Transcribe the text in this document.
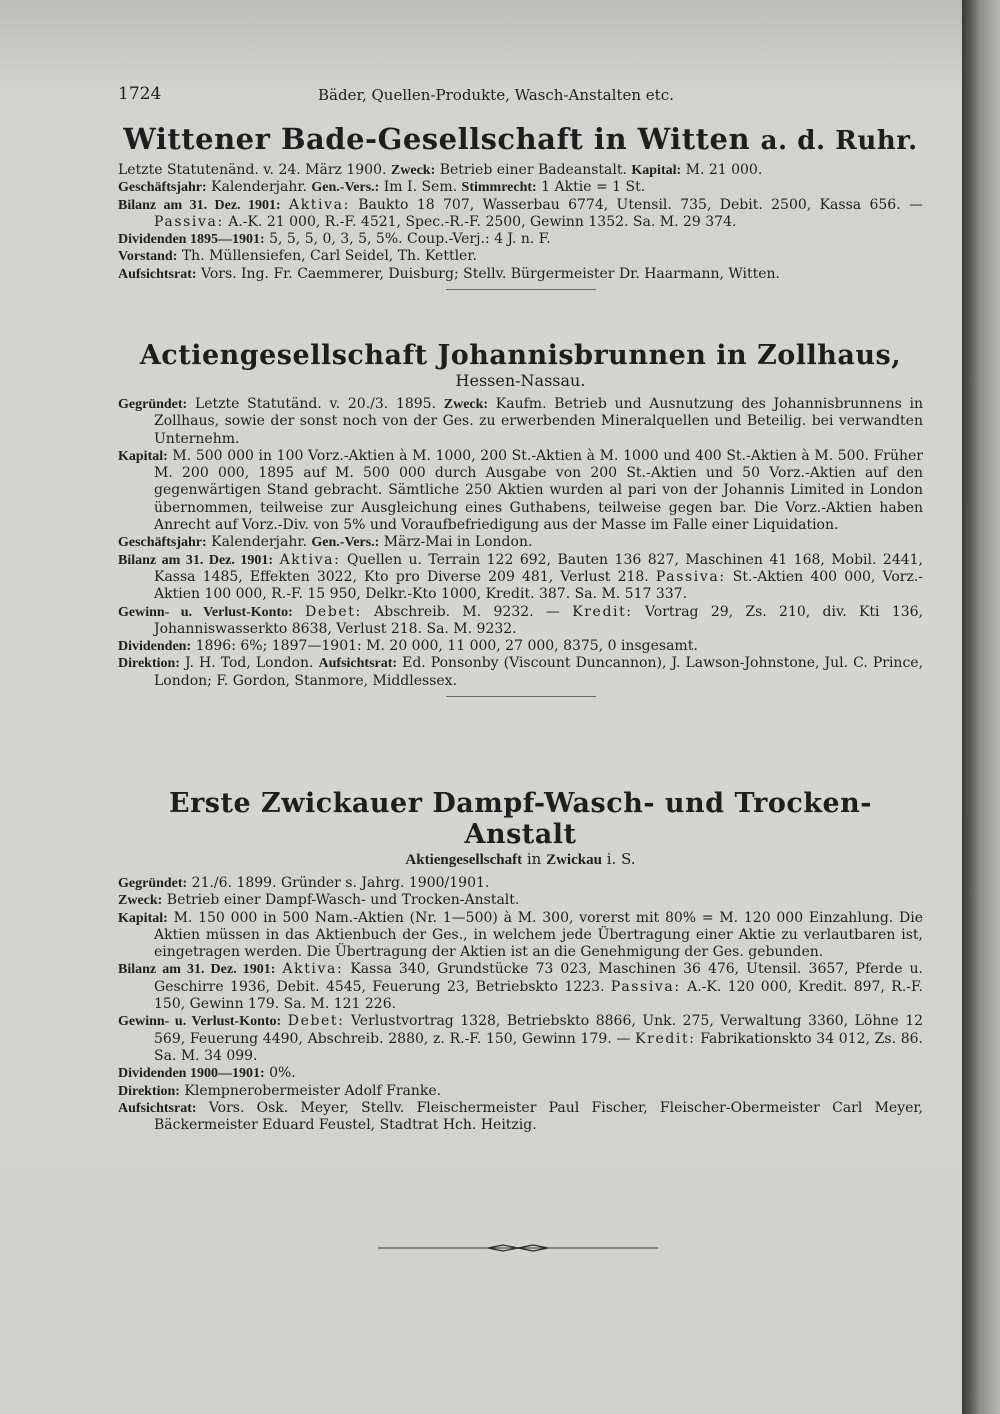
1724	Bäder, Quellen-Produkte, Wasch-Anstalten etc.
Wittener Bade-Gesellschaft in Witten a. d. Ruhr.

Letzte Statutenänd. v. 24. März 1900. Zweck: Betrieb einer Badeanstalt. Kapital: M. 21 000.

Geschäftsjahr: Kalenderjahr. Gen.-Vers.: Im I. Sem. Stimmrecht: 1 Aktie = 1 St.

Bilanz am 31. Dez. 1901: Aktiva: Baukto 18 707, Wasserbau 6774, Utensil. 735, Debit. 2500, Kassa 656. — Passiva: A.-K. 21 000, R.-F. 4521, Spec.-R.-F. 2500, Gewinn 1352. Sa. M. 29 374.

Dividenden 1895—1901: 5, 5, 5, 0, 3, 5, 5%. Coup.-Verj.: 4 J. n. F.

Vorstand: Th. Müllensiefen, Carl Seidel, Th. Kettler.

Aufsichtsrat: Vors. Ing. Fr. Caemmerer, Duisburg; Stellv. Bürgermeister Dr. Haarmann, Witten.

Actiengesellschaft Johannisbrunnen in Zollhaus,

Hessen-Nassau.

Gegründet: Letzte Statutänd. v. 20./3. 1895. Zweck: Kaufm. Betrieb und Ausnutzung des Johannisbrunnens in Zollhaus, sowie der sonst noch von der Ges. zu erwerbenden Mineralquellen und Beteilig. bei verwandten Unternehm.

Kapital: M. 500 000 in 100 Vorz.-Aktien à M. 1000, 200 St.-Aktien à M. 1000 und 400 St.-Aktien à M. 500. Früher M. 200 000, 1895 auf M. 500 000 durch Ausgabe von 200 St.-Aktien und 50 Vorz.-Aktien auf den gegenwärtigen Stand gebracht. Sämtliche 250 Aktien wurden al pari von der Johannis Limited in London übernommen, teilweise zur Ausgleichung eines Guthabens, teilweise gegen bar. Die Vorz.-Aktien haben Anrecht auf Vorz.-Div. von 5% und Voraufbefriedigung aus der Masse im Falle einer Liquidation.

Geschäftsjahr: Kalenderjahr. Gen.-Vers.: März-Mai in London.

Bilanz am 31. Dez. 1901: Aktiva: Quellen u. Terrain 122 692, Bauten 136 827, Maschinen 41 168, Mobil. 2441, Kassa 1485, Effekten 3022, Kto pro Diverse 209 481, Verlust 218. Passiva: St.-Aktien 400 000, Vorz.-Aktien 100 000, R.-F. 15 950, Delkr.-Kto 1000, Kredit. 387. Sa. M. 517 337.

Gewinn- u. Verlust-Konto: Debet: Abschreib. M. 9232. — Kredit: Vortrag 29, Zs. 210, div. Kti 136, Johanniswasserkto 8638, Verlust 218. Sa. M. 9232.

Dividenden: 1896: 6%; 1897—1901: M. 20 000, 11 000, 27 000, 8375, 0 insgesamt.

Direktion: J. H. Tod, London. Aufsichtsrat: Ed. Ponsonby (Viscount Duncannon), J. Lawson-Johnstone, Jul. C. Prince, London; F. Gordon, Stanmore, Middlessex.

Erste Zwickauer Dampf-Wasch- und Trocken-Anstalt

Aktiengesellschaft in Zwickau i. S.

Gegründet: 21./6. 1899. Gründer s. Jahrg. 1900/1901.

Zweck: Betrieb einer Dampf-Wasch- und Trocken-Anstalt.

Kapital: M. 150 000 in 500 Nam.-Aktien (Nr. 1—500) à M. 300, vorerst mit 80% = M. 120 000 Einzahlung. Die Aktien müssen in das Aktienbuch der Ges., in welchem jede Übertragung einer Aktie zu verlautbaren ist, eingetragen werden. Die Übertragung der Aktien ist an die Genehmigung der Ges. gebunden.

Bilanz am 31. Dez. 1901: Aktiva: Kassa 340, Grundstücke 73 023, Maschinen 36 476, Utensil. 3657, Pferde u. Geschirre 1936, Debit. 4545, Feuerung 23, Betriebskto 1223. Passiva: A.-K. 120 000, Kredit. 897, R.-F. 150, Gewinn 179. Sa. M. 121 226.

Gewinn- u. Verlust-Konto: Debet: Verlustvortrag 1328, Betriebskto 8866, Unk. 275, Verwaltung 3360, Löhne 12 569, Feuerung 4490, Abschreib. 2880, z. R.-F. 150, Gewinn 179. — Kredit: Fabrikationskto 34 012, Zs. 86. Sa. M. 34 099.

Dividenden 1900—1901: 0%.

Direktion: Klempnerobermeister Adolf Franke.

Aufsichtsrat: Vors. Osk. Meyer, Stellv. Fleischermeister Paul Fischer, Fleischer-Obermeister Carl Meyer, Bäckermeister Eduard Feustel, Stadtrat Hch. Heitzig.
